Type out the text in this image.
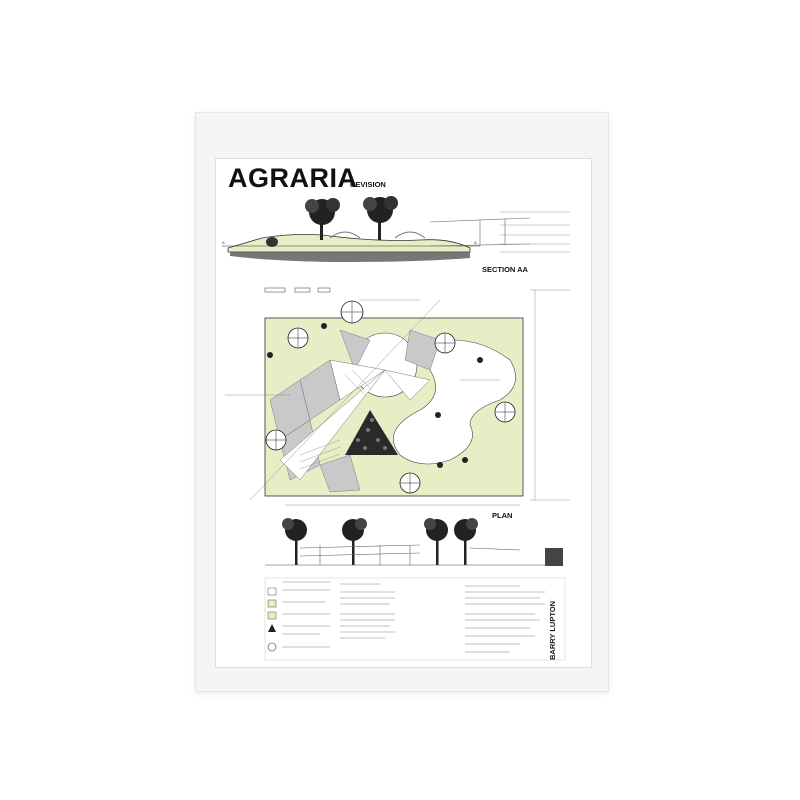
A	A
AGRARIA
REVISION
SECTION AA
PLAN
BARRY LUPTON
